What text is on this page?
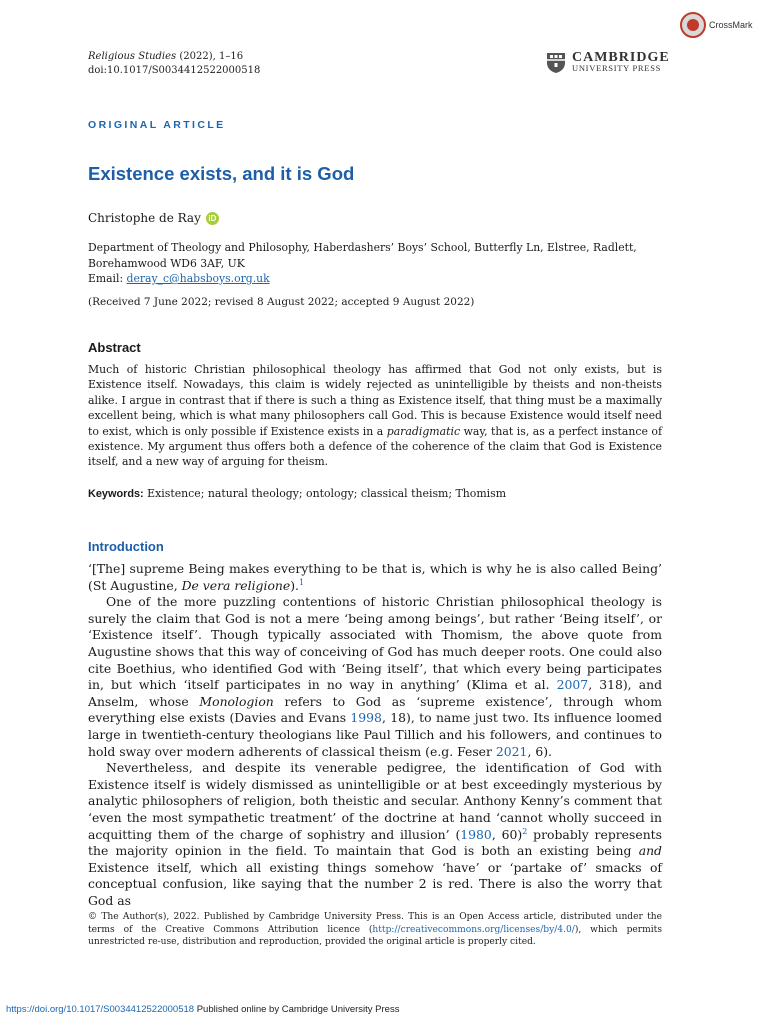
CrossMark
Religious Studies (2022), 1–16
doi:10.1017/S0034412522000518
CAMBRIDGE
UNIVERSITY PRESS
ORIGINAL ARTICLE
Existence exists, and it is God
Christophe de Ray iD
Department of Theology and Philosophy, Haberdashers’ Boys’ School, Butterfly Ln, Elstree, Radlett, Borehamwood WD6 3AF, UK
Email: deray_c@habsboys.org.uk
(Received 7 June 2022; revised 8 August 2022; accepted 9 August 2022)
Abstract
Much of historic Christian philosophical theology has affirmed that God not only exists, but is Existence itself. Nowadays, this claim is widely rejected as unintelligible by theists and non-theists alike. I argue in contrast that if there is such a thing as Existence itself, that thing must be a maximally excellent being, which is what many philosophers call God. This is because Existence would itself need to exist, which is only possible if Existence exists in a paradigmatic way, that is, as a perfect instance of existence. My argument thus offers both a defence of the coherence of the claim that God is Existence itself, and a new way of arguing for theism.
Keywords: Existence; natural theology; ontology; classical theism; Thomism
Introduction

‘[The] supreme Being makes everything to be that is, which is why he is also called Being’ (St Augustine, De vera religione).$^1$

One of the more puzzling contentions of historic Christian philosophical theology is surely the claim that God is not a mere ‘being among beings’, but rather ‘Being itself’, or ‘Existence itself’. Though typically associated with Thomism, the above quote from Augustine shows that this way of conceiving of God has much deeper roots. One could also cite Boethius, who identified God with ‘Being itself’, that which every being participates in, but which ‘itself participates in no way in anything’ (Klima et al. 2007, 318), and Anselm, whose Monologion refers to God as ‘supreme existence’, through whom everything else exists (Davies and Evans 1998, 18), to name just two. Its influence loomed large in twentieth-century theologians like Paul Tillich and his followers, and continues to hold sway over modern adherents of classical theism (e.g. Feser 2021, 6).

Nevertheless, and despite its venerable pedigree, the identification of God with Existence itself is widely dismissed as unintelligible or at best exceedingly mysterious by analytic philosophers of religion, both theistic and secular. Anthony Kenny’s comment that ‘even the most sympathetic treatment’ of the doctrine at hand ‘cannot wholly succeed in acquitting them of the charge of sophistry and illusion’ (1980, 60)$^2$ probably represents the majority opinion in the field. To maintain that God is both an existing being and Existence itself, which all existing things somehow ‘have’ or ‘partake of’ smacks of conceptual confusion, like saying that the number 2 is red. There is also the worry that God as

© The Author(s), 2022. Published by Cambridge University Press. This is an Open Access article, distributed under the terms of the Creative Commons Attribution licence (http://creativecommons.org/licenses/by/4.0/), which permits unrestricted re-use, distribution and reproduction, provided the original article is properly cited.
https://doi.org/10.1017/S0034412522000518 Published online by Cambridge University Press
